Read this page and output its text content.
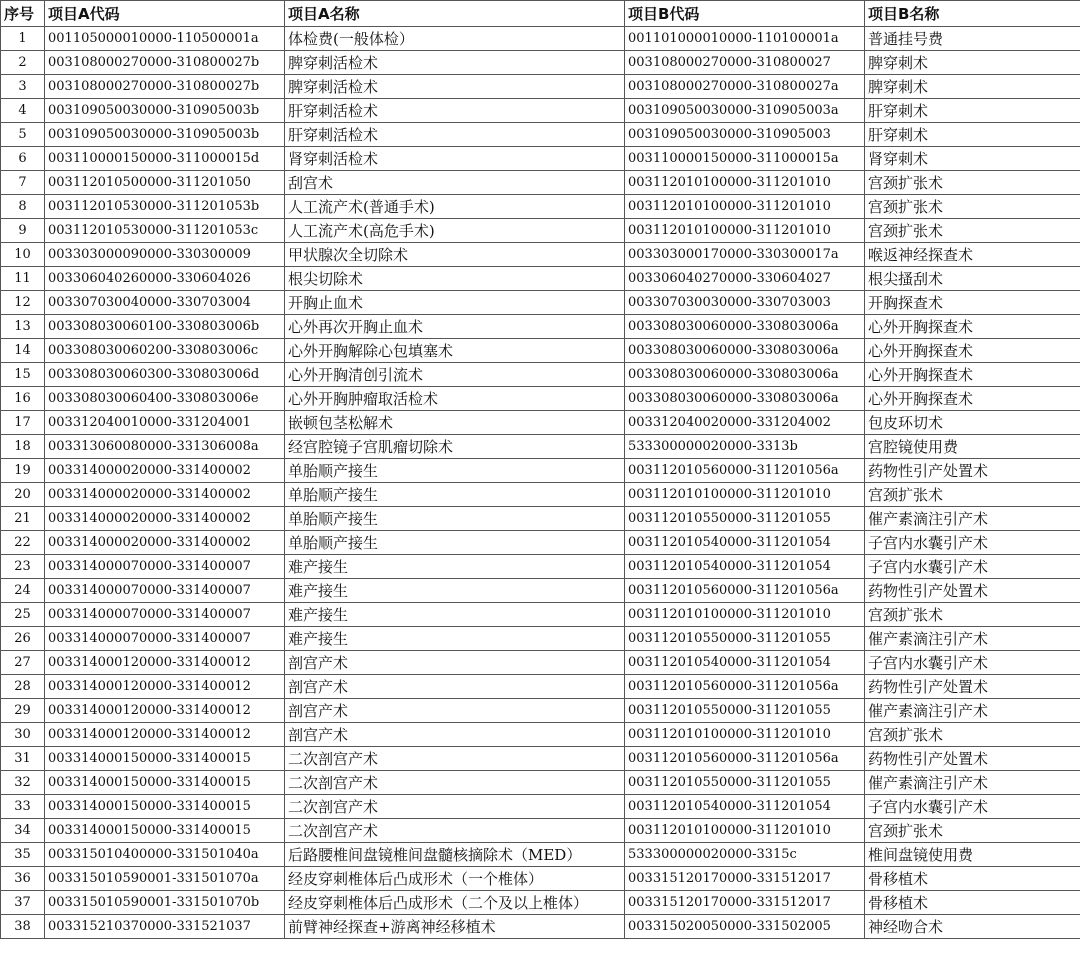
序号	项目A代码	项目A名称	项目B代码	项目B名称
1	001105000010000-110500001a	体检费(一般体检）	001101000010000-110100001a	普通挂号费
2	003108000270000-310800027b	脾穿刺活检术	003108000270000-310800027	脾穿刺术
3	003108000270000-310800027b	脾穿刺活检术	003108000270000-310800027a	脾穿刺术
4	003109050030000-310905003b	肝穿刺活检术	003109050030000-310905003a	肝穿刺术
5	003109050030000-310905003b	肝穿刺活检术	003109050030000-310905003	肝穿刺术
6	003110000150000-311000015d	肾穿刺活检术	003110000150000-311000015a	肾穿刺术
7	003112010500000-311201050	刮宫术	003112010100000-311201010	宫颈扩张术
8	003112010530000-311201053b	人工流产术(普通手术)	003112010100000-311201010	宫颈扩张术
9	003112010530000-311201053c	人工流产术(高危手术)	003112010100000-311201010	宫颈扩张术
10	003303000090000-330300009	甲状腺次全切除术	003303000170000-330300017a	喉返神经探查术
11	003306040260000-330604026	根尖切除术	003306040270000-330604027	根尖搔刮术
12	003307030040000-330703004	开胸止血术	003307030030000-330703003	开胸探查术
13	003308030060100-330803006b	心外再次开胸止血术	003308030060000-330803006a	心外开胸探查术
14	003308030060200-330803006c	心外开胸解除心包填塞术	003308030060000-330803006a	心外开胸探查术
15	003308030060300-330803006d	心外开胸清创引流术	003308030060000-330803006a	心外开胸探查术
16	003308030060400-330803006e	心外开胸肿瘤取活检术	003308030060000-330803006a	心外开胸探查术
17	003312040010000-331204001	嵌顿包茎松解术	003312040020000-331204002	包皮环切术
18	003313060080000-331306008a	经宫腔镜子宫肌瘤切除术	533300000020000-3313b	宫腔镜使用费
19	003314000020000-331400002	单胎顺产接生	003112010560000-311201056a	药物性引产处置术
20	003314000020000-331400002	单胎顺产接生	003112010100000-311201010	宫颈扩张术
21	003314000020000-331400002	单胎顺产接生	003112010550000-311201055	催产素滴注引产术
22	003314000020000-331400002	单胎顺产接生	003112010540000-311201054	子宫内水囊引产术
23	003314000070000-331400007	难产接生	003112010540000-311201054	子宫内水囊引产术
24	003314000070000-331400007	难产接生	003112010560000-311201056a	药物性引产处置术
25	003314000070000-331400007	难产接生	003112010100000-311201010	宫颈扩张术
26	003314000070000-331400007	难产接生	003112010550000-311201055	催产素滴注引产术
27	003314000120000-331400012	剖宫产术	003112010540000-311201054	子宫内水囊引产术
28	003314000120000-331400012	剖宫产术	003112010560000-311201056a	药物性引产处置术
29	003314000120000-331400012	剖宫产术	003112010550000-311201055	催产素滴注引产术
30	003314000120000-331400012	剖宫产术	003112010100000-311201010	宫颈扩张术
31	003314000150000-331400015	二次剖宫产术	003112010560000-311201056a	药物性引产处置术
32	003314000150000-331400015	二次剖宫产术	003112010550000-311201055	催产素滴注引产术
33	003314000150000-331400015	二次剖宫产术	003112010540000-311201054	子宫内水囊引产术
34	003314000150000-331400015	二次剖宫产术	003112010100000-311201010	宫颈扩张术
35	003315010400000-331501040a	后路腰椎间盘镜椎间盘髓核摘除术（MED）	533300000020000-3315c	椎间盘镜使用费
36	003315010590001-331501070a	经皮穿刺椎体后凸成形术（一个椎体）	003315120170000-331512017	骨移植术
37	003315010590001-331501070b	经皮穿刺椎体后凸成形术（二个及以上椎体）	003315120170000-331512017	骨移植术
38	003315210370000-331521037	前臂神经探查+游离神经移植术	003315020050000-331502005	神经吻合术
